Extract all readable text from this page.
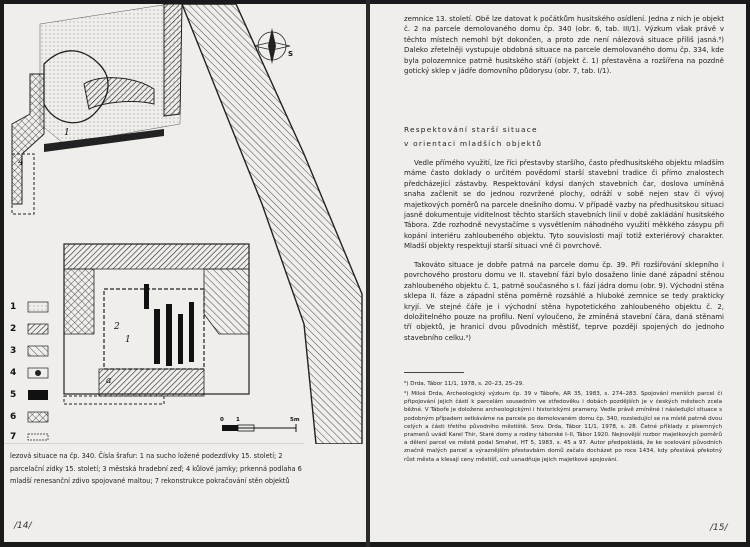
S
1
4
2
1
a
0 1	5m
1
2
3
4
5
6
7
lezová situace na čp. 340. Čísla šrafur: 1 na sucho ložené podezdívky 15. století; 2 parcelační zídky 15. století; 3 městská hradební zeď; 4 kůlové jamky; prkenná podlaha 6 mladší renesanční zdivo spojované maltou; 7 rekonstrukce pokračování stěn objektů
/14/
zemnice 13. století. Obě lze datovat k počátkům husitského osídlení. Jedna z nich je objekt č. 2 na parcele demolovaného domu čp. 340 (obr. 6, tab. III/1). Výzkum však právě v těchto místech nemohl být dokončen, a proto zde není nálezová situace příliš jasná.⁸) Daleko zřetelněji vystupuje obdobná situace na parcele demolovaného domu čp. 334, kde byla polozemnice patrně husitského stáří (objekt č. 1) přestavěna a rozšířena na pozdně gotický sklep v jádře domovního půdorysu (obr. 7, tab. I/1).
Respektování starší situace
v orientaci mladších objektů
Vedle přímého využití, lze říci přestavby staršího, často předhusitského objektu mladším máme často doklady o určitém povědomí starší stavební tradice či přímo znalostech předcházející zástavby. Respektování kdysi daných stavebních čar, doslova umíněná snaha začlenit se do jednou rozvržené plochy, odráží v sobě nejen stav či vývoj majetkových poměrů na parcele dnešního domu. V případě vazby na předhusitskou situaci jasně dokumentuje viditelnost těchto starších stavebních linií v době zakládání husitského Tábora. Zde rozhodně nevystačíme s vysvětlením náhodného využití měkkého zásypu při kopání interiéru zahloubeného objektu. Tyto souvislosti mají totiž exteriérový charakter. Mladší objekty respektují starší situaci vně či povrchově.
Takováto situace je dobře patrná na parcele domu čp. 39. Při rozšiřování sklepního i povrchového prostoru domu ve II. stavební fázi bylo dosaženo linie dané západní stěnou zahloubeného objektu č. 1, patrně současného s I. fází jádra domu (obr. 9). Východní stěna sklepa II. fáze a západní stěna poměrně rozsáhlé a hluboké zemnice se tedy prakticky kryjí. Ve stejné čáře je i východní stěna hypotetického zahloubeného objektu č. 2, doložitelného pouze na profilu. Není vyloučeno, že zmíněná stavební čára, daná stěnami tří objektů, je hranicí dvou původních městišť, teprve později spojených do jednoho stavebního celku.⁹)
⁸) Drda, Tábor 11/1, 1978, s. 20–23, 25–29.
⁹) Miloš Drda, Archeologický výzkum čp. 39 v Táboře, AR 35, 1983, s. 274–283. Spojování menších parcel či připojování jejich částí k parcelám sousedním ve středověku i dobách pozdějších je v českých městech zcela běžné. V Táboře je doloženo archeologickými i historickými prameny. Vedle právě zmíněné i následující situace s podobným případem setkáváme na parcele po demolovaném domu čp. 340, rozsledující se na místě patrně dvou celých a části třetího původního městiště. Srov. Drda, Tábor 11/1, 1978, s. 28. Četné příklady z písemných pramenů uvádí Karel Thir, Staré domy a rodiny táborské I–II, Tábor 1920. Nejnovější rozbor majetkových poměrů a dělení parcel ve městě podal Smahel, HT 5, 1983, s. 45 a 97. Autor předpokládá, že ke scelování původních značně malých parcel a výraznějším přestavbám domů začalo docházet po roce 1434, kdy přestává překotný růst města a klesají ceny městišť, což usnadňuje jejich majetkové spojování.
/15/
